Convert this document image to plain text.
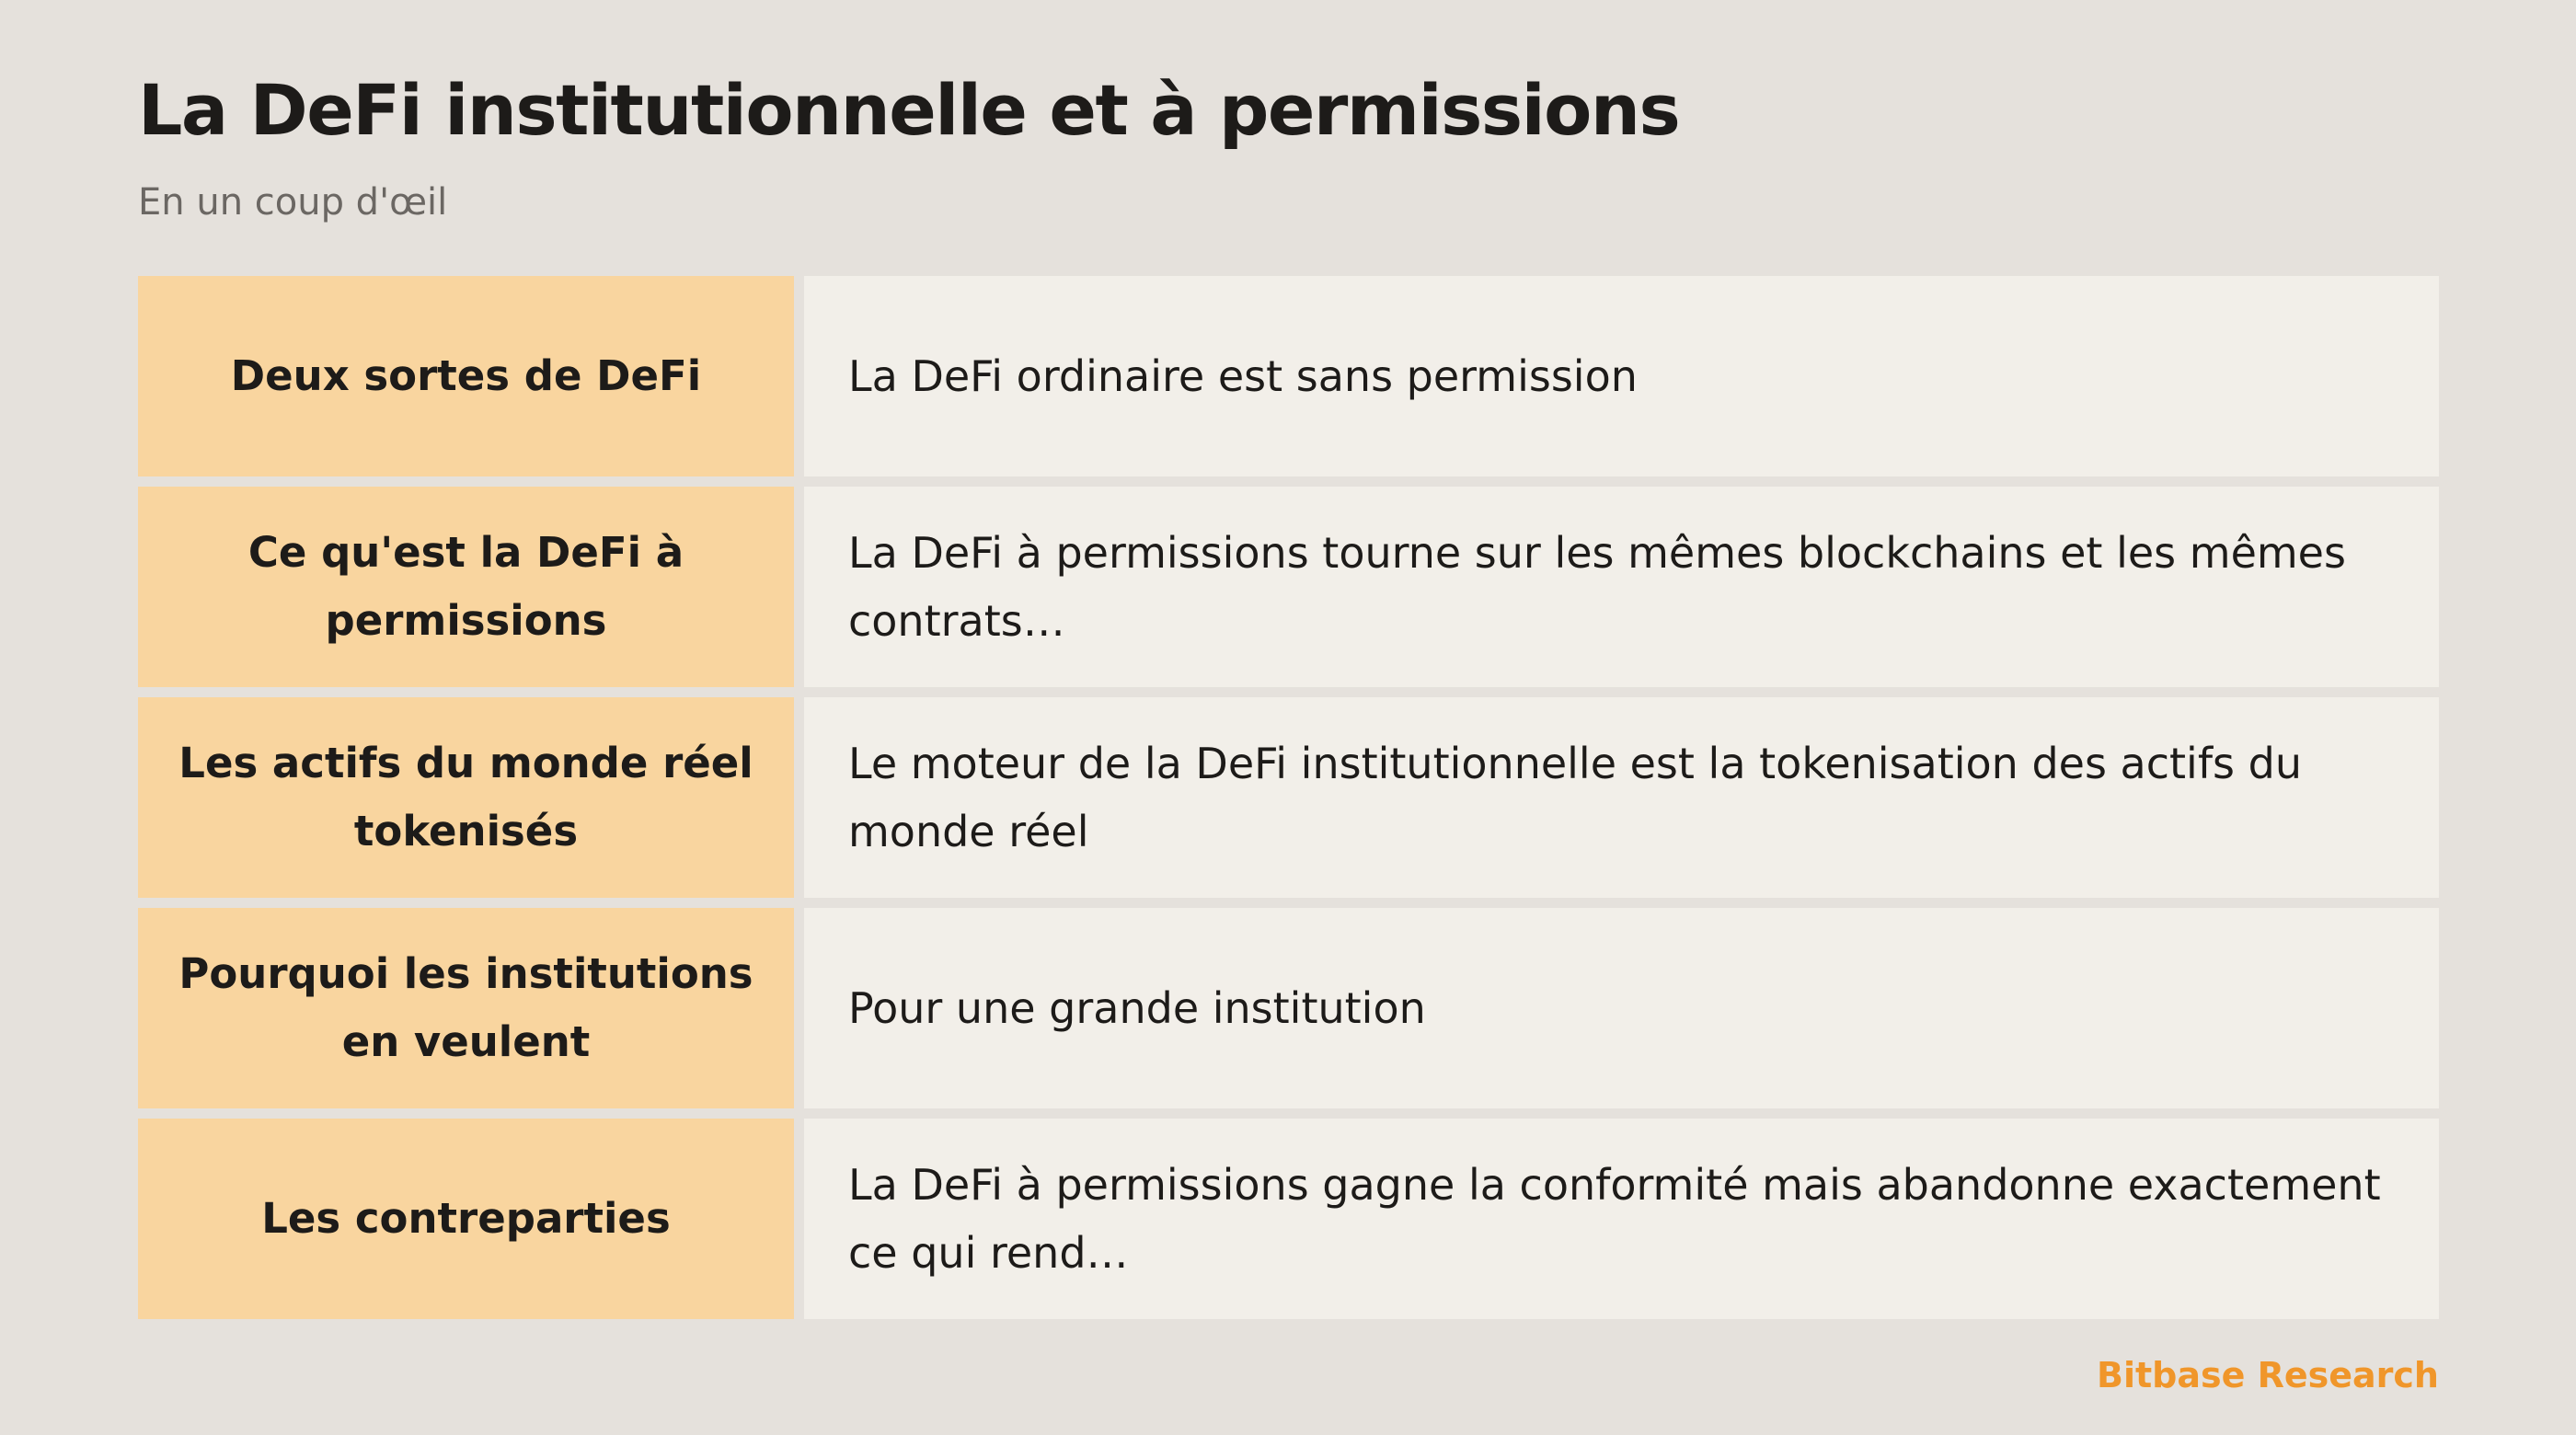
La DeFi institutionnelle et à permissions

En un coup d'œil

Deux sortes de DeFi	La DeFi ordinaire est sans permission
Ce qu'est la DeFi à permissions
La DeFi à permissions tourne sur les mêmes blockchains et les mêmes contrats…
Les actifs du monde réel tokenisés
Le moteur de la DeFi institutionnelle est la tokenisation des actifs du monde réel
Pourquoi les institutions en veulent
Pour une grande institution
Les contreparties
La DeFi à permissions gagne la conformité mais abandonne exactement ce qui rend…

Bitbase Research
